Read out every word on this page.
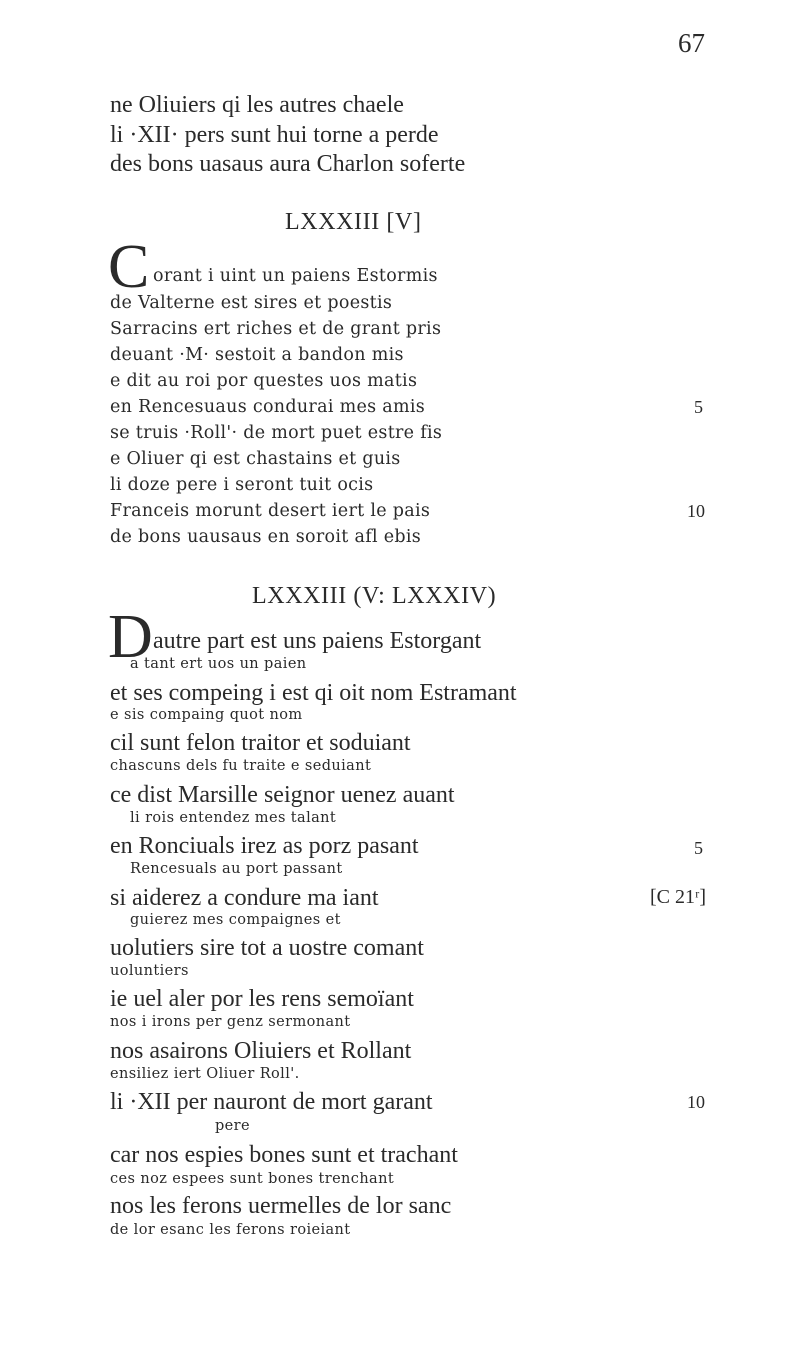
67
ne Oliuiers qi les autres chaele
li ·XII· pers sunt hui torne a perde
des bons uasaus aura Charlon soferte
LXXXIII [V]
C orant i uint un paiens Estormis
de Valterne est sires et poestis
Sarracins ert riches et de grant pris
deuant ·M· sestoit a bandon mis
e dit au roi por questes uos matis
en Rencesuaus condurai mes amis
se truis ·Roll'· de mort puet estre fis
e Oliuer qi est chastains et guis
li doze pere i seront tuit ocis
Franceis morunt desert iert le pais
de bons uausaus en soroit afl ebis
5
10
LXXXIII (V: LXXXIV)
D autre part est uns paiens Estorgant
a tant ert uos un paien
et ses compeing i est qi oit nom Estramant
e sis compaing quot nom
cil sunt felon traitor et soduiant
chascuns dels fu traite e seduiant
ce dist Marsille seignor uenez auant
li rois entendez mes talant
en Ronciuals irez as porz pasant
Rencesuals au port passant
si aiderez a condure ma iant
guierez mes compaignes et
uolutiers sire tot a uostre comant
uoluntiers
ie uel aler por les rens semoïant
nos i irons per genz sermonant
nos asairons Oliuiers et Rollant
ensiliez iert Oliuer Roll'.
li ·XII per nauront de mort garant
pere
car nos espies bones sunt et trachant
ces noz espees sunt bones trenchant
nos les ferons uermelles de lor sanc
de lor esanc les ferons roieiant
5
[C 21ʳ]
10
